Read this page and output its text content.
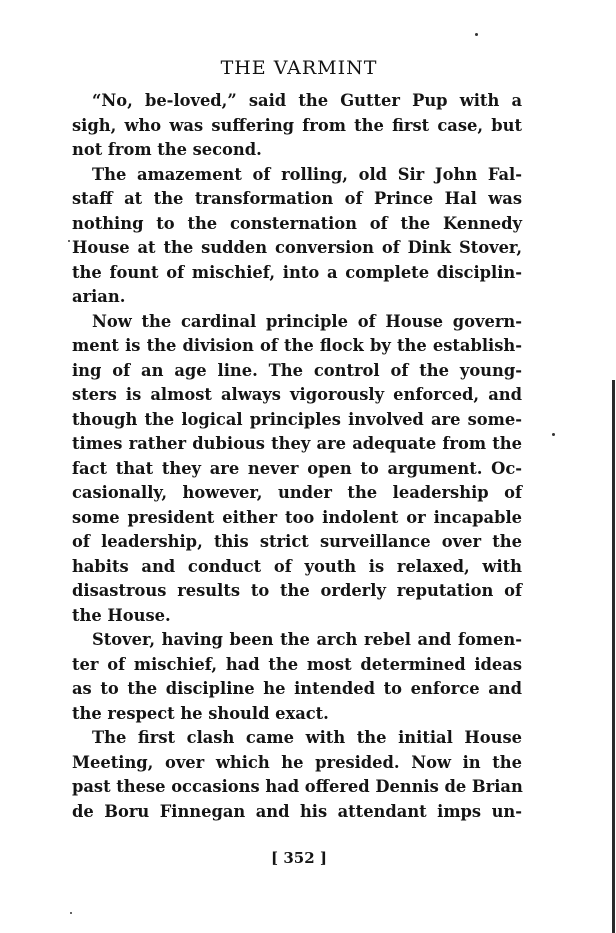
THE VARMINT

“No, be-loved,” said the Gutter Pup with a
sigh, who was suffering from the first case, but
not from the second.

The amazement of rolling, old Sir John Fal-
staff at the transformation of Prince Hal was
nothing to the consternation of the Kennedy
House at the sudden conversion of Dink Stover,
the fount of mischief, into a complete disciplin-
arian.

Now the cardinal principle of House govern-
ment is the division of the flock by the establish-
ing of an age line. The control of the young-
sters is almost always vigorously enforced, and
though the logical principles involved are some-
times rather dubious they are adequate from the
fact that they are never open to argument. Oc-
casionally, however, under the leadership of
some president either too indolent or incapable
of leadership, this strict surveillance over the
habits and conduct of youth is relaxed, with
disastrous results to the orderly reputation of
the House.

Stover, having been the arch rebel and fomen-
ter of mischief, had the most determined ideas
as to the discipline he intended to enforce and
the respect he should exact.

The first clash came with the initial House
Meeting, over which he presided. Now in the
past these occasions had offered Dennis de Brian
de Boru Finnegan and his attendant imps un-

[ 352 ]
